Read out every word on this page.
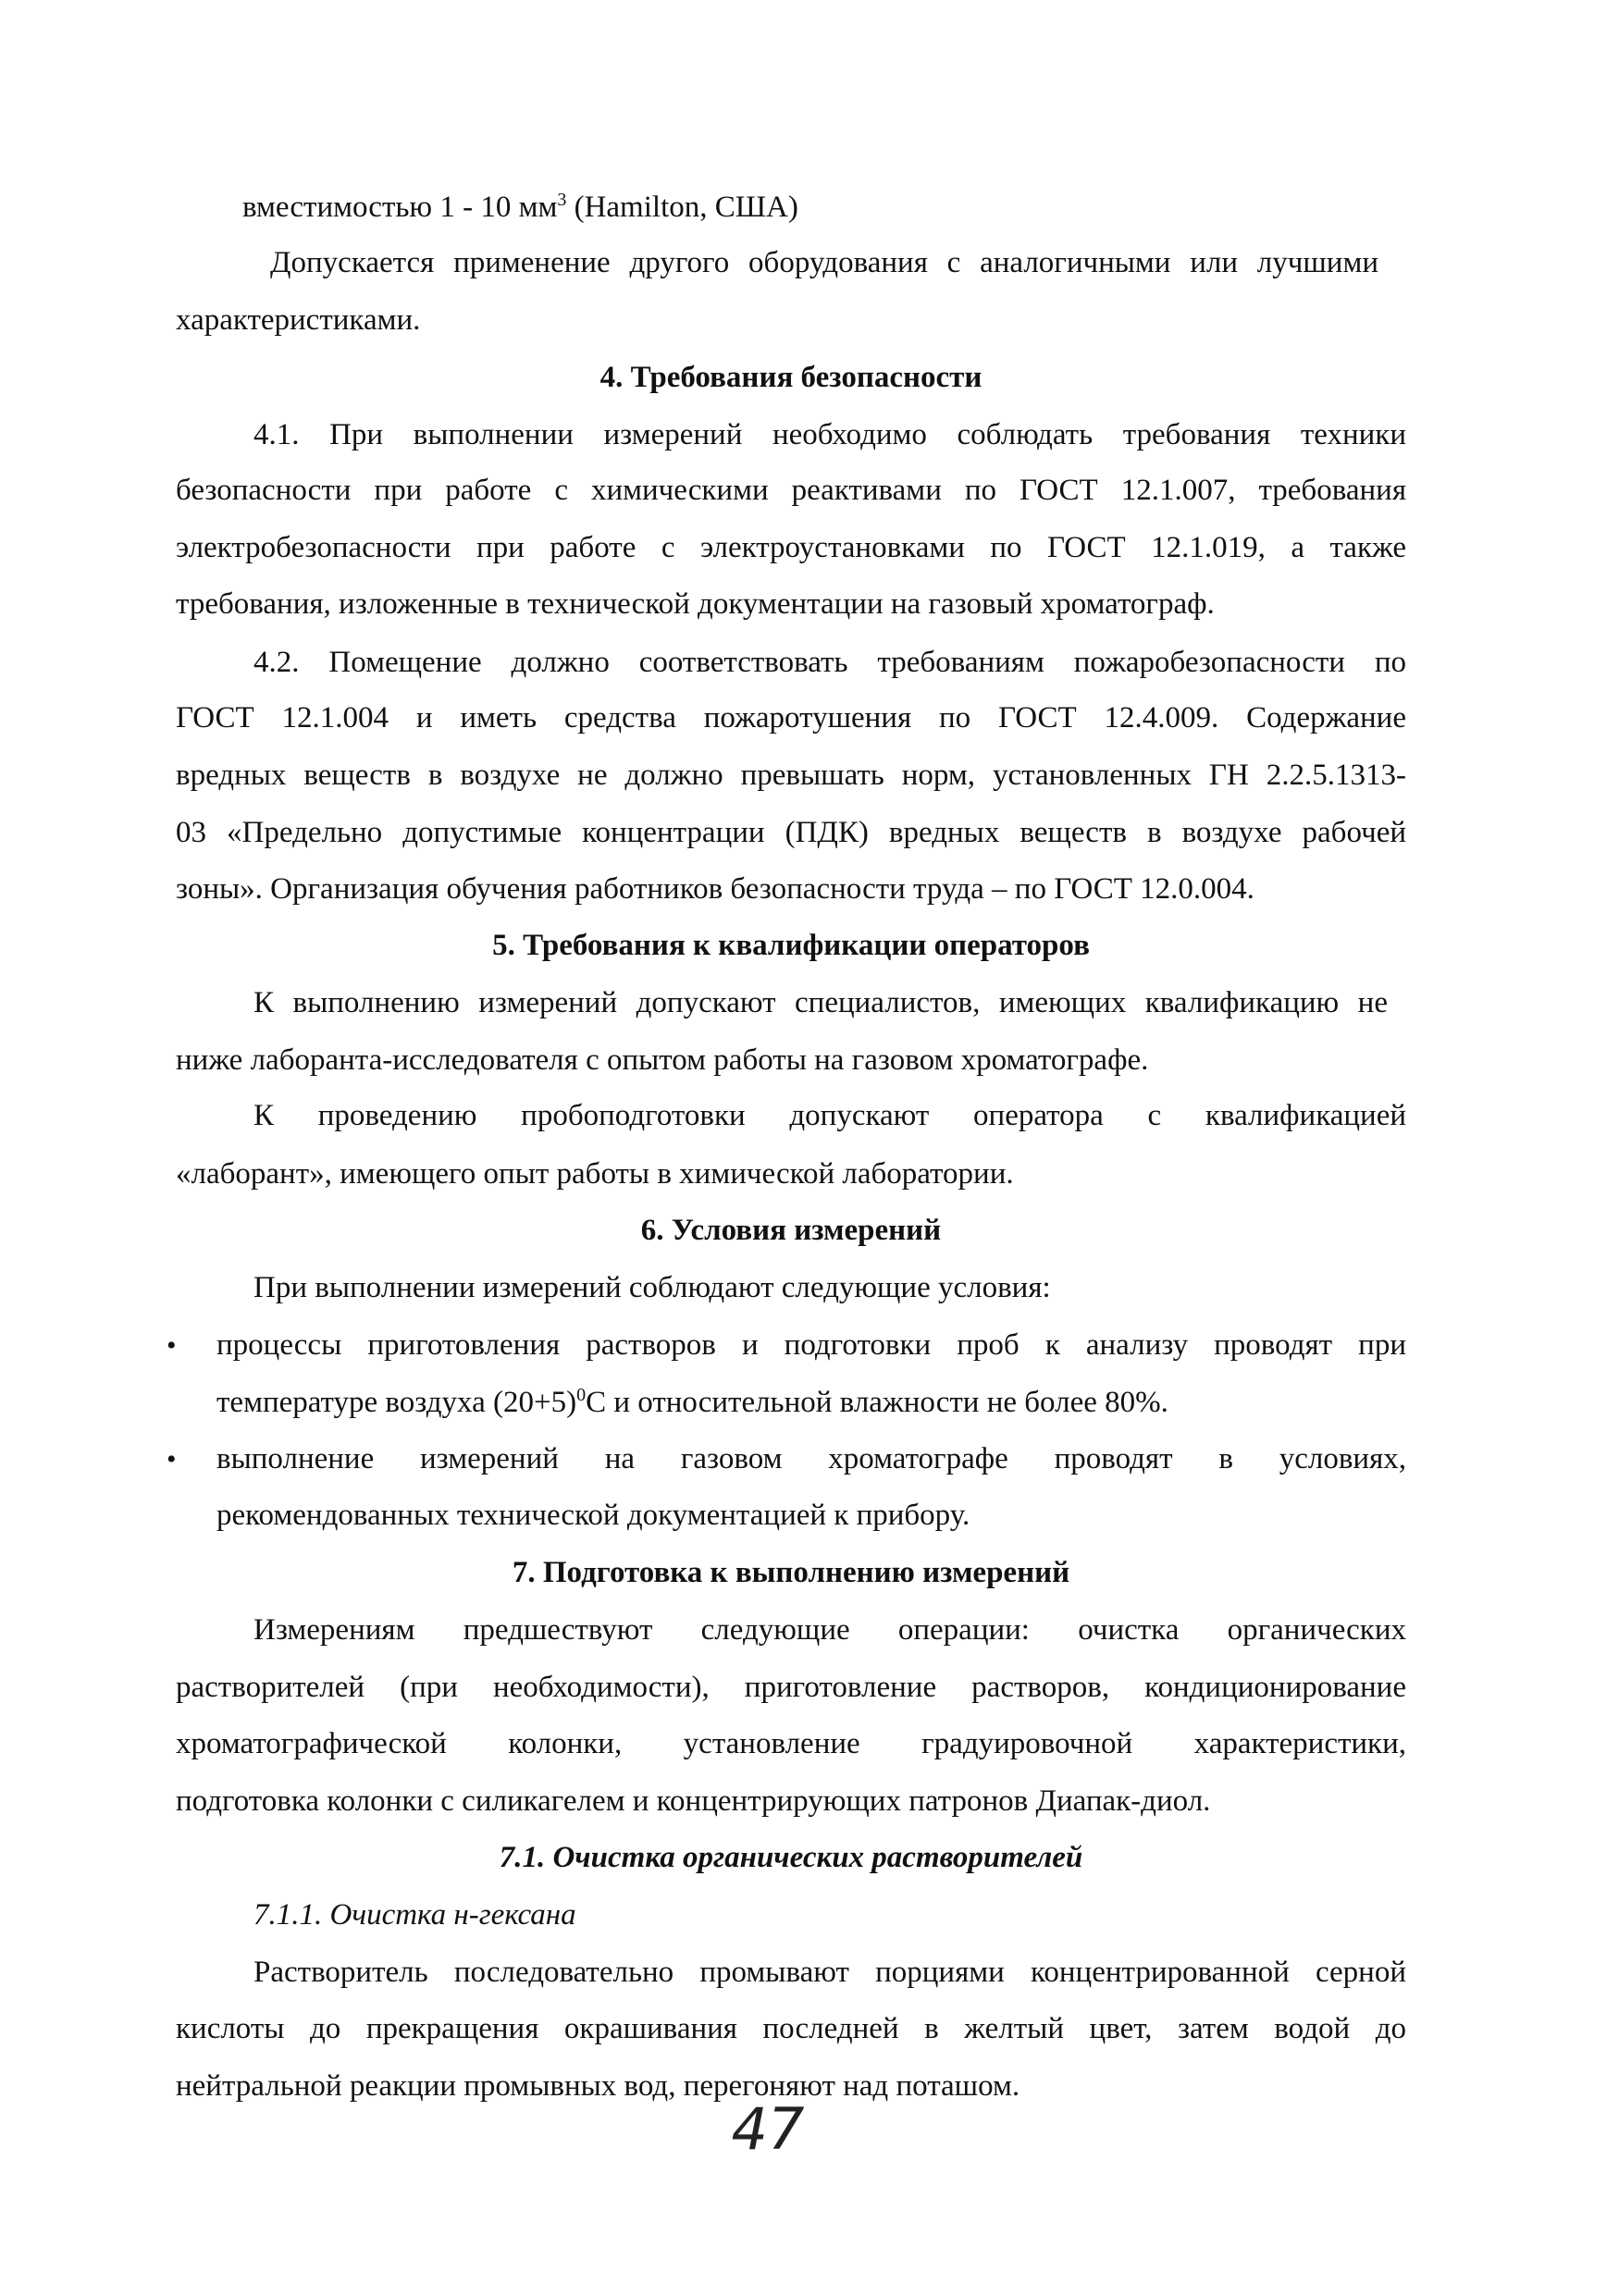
вместимостью 1 - 10 $мм^3$ (Hamilton, США)
Допускается применение другого оборудования с аналогичными или лучшими
характеристиками.
4. Требования безопасности
4.1. При выполнении измерений необходимо соблюдать требования техники
безопасности при работе с химическими реактивами по ГОСТ 12.1.007, требования
электробезопасности при работе с электроустановками по ГОСТ 12.1.019, а также
требования, изложенные в технической документации на газовый хроматограф.
4.2. Помещение должно соответствовать требованиям пожаробезопасности по
ГОСТ 12.1.004 и иметь средства пожаротушения по ГОСТ 12.4.009. Содержание
вредных веществ в воздухе не должно превышать норм, установленных ГН 2.2.5.1313-
03 «Предельно допустимые концентрации (ПДК) вредных веществ в воздухе рабочей
зоны». Организация обучения работников безопасности труда – по ГОСТ 12.0.004.
5. Требования к квалификации операторов
К выполнению измерений допускают специалистов, имеющих квалификацию не
ниже лаборанта-исследователя с опытом работы на газовом хроматографе.
К проведению пробоподготовки допускают оператора с квалификацией
«лаборант», имеющего опыт работы в химической лаборатории.
6. Условия измерений
При выполнении измерений соблюдают следующие условия:
• процессы приготовления растворов и подготовки проб к анализу проводят при
температуре воздуха $(20+5)^0С$ и относительной влажности не более 80%.
• выполнение измерений на газовом хроматографе проводят в условиях,
рекомендованных технической документацией к прибору.
7. Подготовка к выполнению измерений
Измерениям предшествуют следующие операции: очистка органических
растворителей (при необходимости), приготовление растворов, кондиционирование
хроматографической колонки, установление градуировочной характеристики,
подготовка колонки с силикагелем и концентрирующих патронов Диапак-диол.
7.1. Очистка органических растворителей
7.1.1. Очистка н-гексана
Растворитель последовательно промывают порциями концентрированной серной
кислоты до прекращения окрашивания последней в желтый цвет, затем водой до
нейтральной реакции промывных вод, перегоняют над поташом.
47
